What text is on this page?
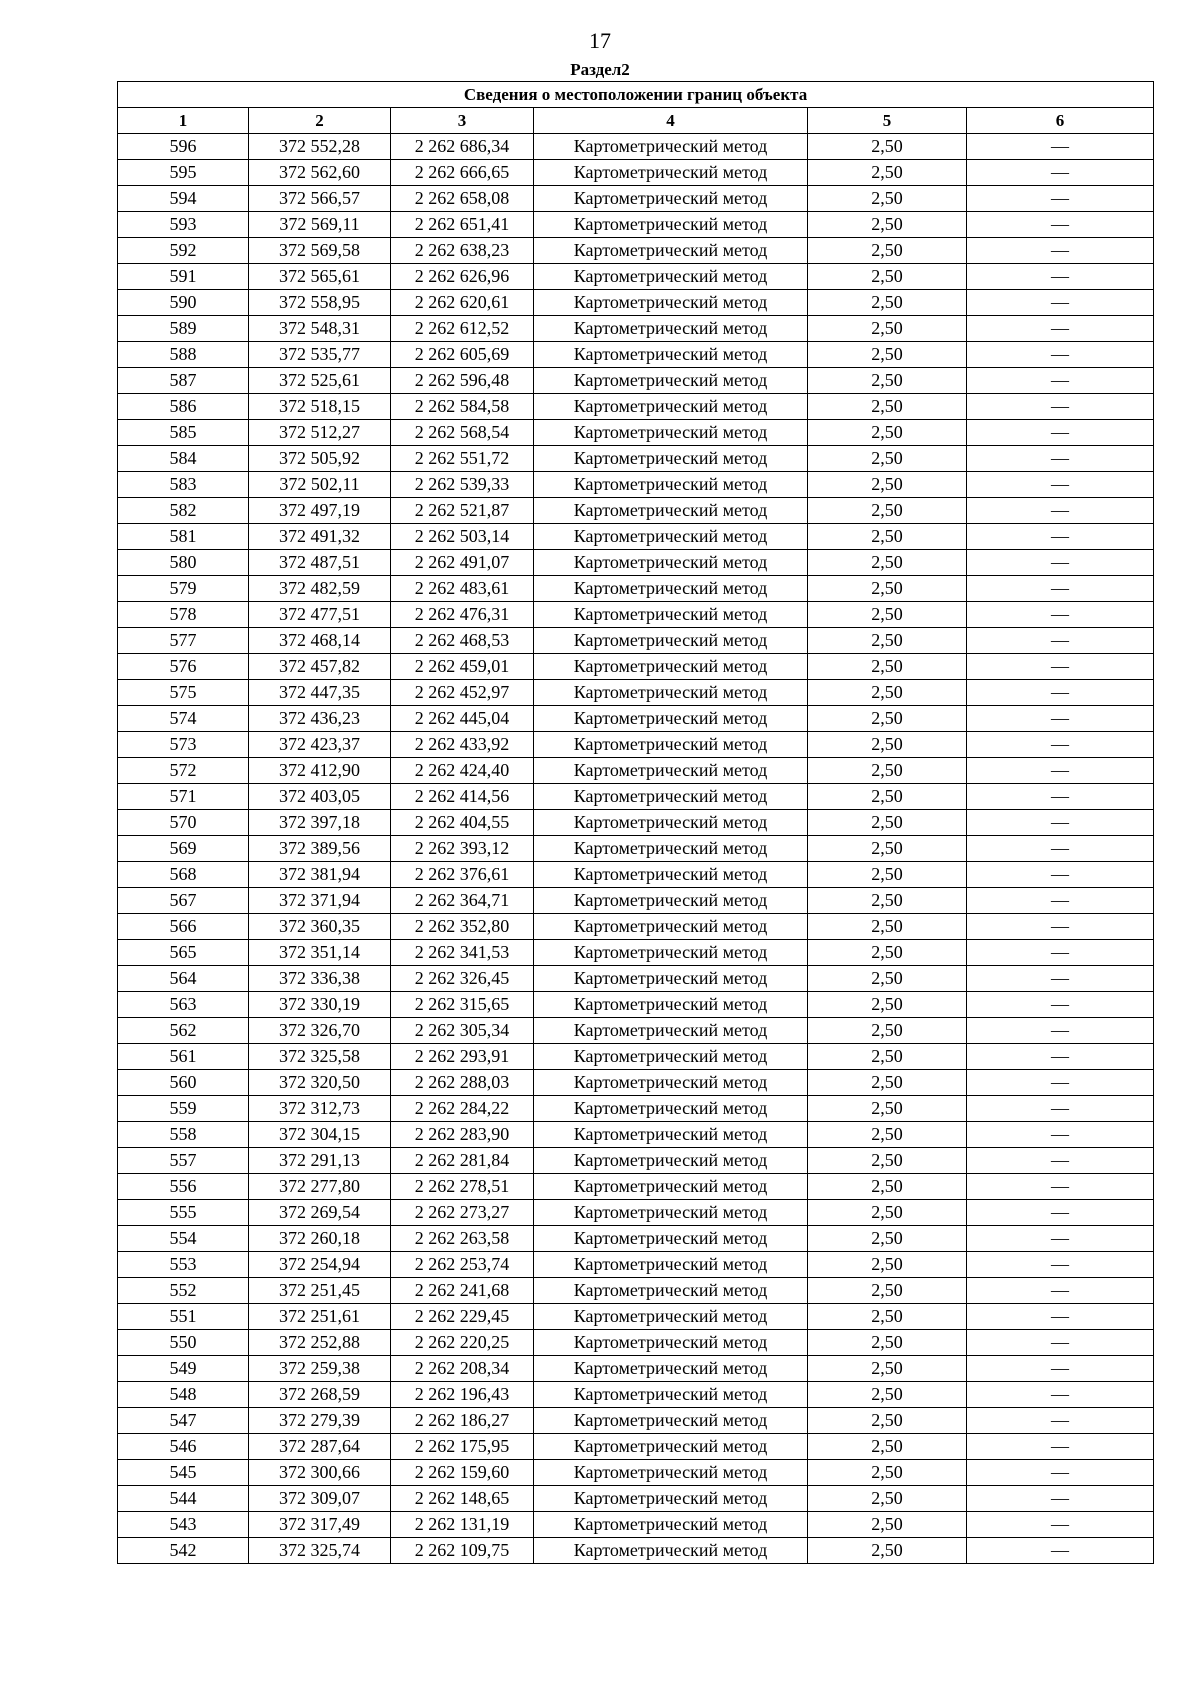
17
Раздел2
Сведения о местоположении границ объекта					
1	2	3	4	5	6
596	372 552,28	2 262 686,34	Картометрический метод	2,50	—
595	372 562,60	2 262 666,65	Картометрический метод	2,50	—
594	372 566,57	2 262 658,08	Картометрический метод	2,50	—
593	372 569,11	2 262 651,41	Картометрический метод	2,50	—
592	372 569,58	2 262 638,23	Картометрический метод	2,50	—
591	372 565,61	2 262 626,96	Картометрический метод	2,50	—
590	372 558,95	2 262 620,61	Картометрический метод	2,50	—
589	372 548,31	2 262 612,52	Картометрический метод	2,50	—
588	372 535,77	2 262 605,69	Картометрический метод	2,50	—
587	372 525,61	2 262 596,48	Картометрический метод	2,50	—
586	372 518,15	2 262 584,58	Картометрический метод	2,50	—
585	372 512,27	2 262 568,54	Картометрический метод	2,50	—
584	372 505,92	2 262 551,72	Картометрический метод	2,50	—
583	372 502,11	2 262 539,33	Картометрический метод	2,50	—
582	372 497,19	2 262 521,87	Картометрический метод	2,50	—
581	372 491,32	2 262 503,14	Картометрический метод	2,50	—
580	372 487,51	2 262 491,07	Картометрический метод	2,50	—
579	372 482,59	2 262 483,61	Картометрический метод	2,50	—
578	372 477,51	2 262 476,31	Картометрический метод	2,50	—
577	372 468,14	2 262 468,53	Картометрический метод	2,50	—
576	372 457,82	2 262 459,01	Картометрический метод	2,50	—
575	372 447,35	2 262 452,97	Картометрический метод	2,50	—
574	372 436,23	2 262 445,04	Картометрический метод	2,50	—
573	372 423,37	2 262 433,92	Картометрический метод	2,50	—
572	372 412,90	2 262 424,40	Картометрический метод	2,50	—
571	372 403,05	2 262 414,56	Картометрический метод	2,50	—
570	372 397,18	2 262 404,55	Картометрический метод	2,50	—
569	372 389,56	2 262 393,12	Картометрический метод	2,50	—
568	372 381,94	2 262 376,61	Картометрический метод	2,50	—
567	372 371,94	2 262 364,71	Картометрический метод	2,50	—
566	372 360,35	2 262 352,80	Картометрический метод	2,50	—
565	372 351,14	2 262 341,53	Картометрический метод	2,50	—
564	372 336,38	2 262 326,45	Картометрический метод	2,50	—
563	372 330,19	2 262 315,65	Картометрический метод	2,50	—
562	372 326,70	2 262 305,34	Картометрический метод	2,50	—
561	372 325,58	2 262 293,91	Картометрический метод	2,50	—
560	372 320,50	2 262 288,03	Картометрический метод	2,50	—
559	372 312,73	2 262 284,22	Картометрический метод	2,50	—
558	372 304,15	2 262 283,90	Картометрический метод	2,50	—
557	372 291,13	2 262 281,84	Картометрический метод	2,50	—
556	372 277,80	2 262 278,51	Картометрический метод	2,50	—
555	372 269,54	2 262 273,27	Картометрический метод	2,50	—
554	372 260,18	2 262 263,58	Картометрический метод	2,50	—
553	372 254,94	2 262 253,74	Картометрический метод	2,50	—
552	372 251,45	2 262 241,68	Картометрический метод	2,50	—
551	372 251,61	2 262 229,45	Картометрический метод	2,50	—
550	372 252,88	2 262 220,25	Картометрический метод	2,50	—
549	372 259,38	2 262 208,34	Картометрический метод	2,50	—
548	372 268,59	2 262 196,43	Картометрический метод	2,50	—
547	372 279,39	2 262 186,27	Картометрический метод	2,50	—
546	372 287,64	2 262 175,95	Картометрический метод	2,50	—
545	372 300,66	2 262 159,60	Картометрический метод	2,50	—
544	372 309,07	2 262 148,65	Картометрический метод	2,50	—
543	372 317,49	2 262 131,19	Картометрический метод	2,50	—
542	372 325,74	2 262 109,75	Картометрический метод	2,50	—
